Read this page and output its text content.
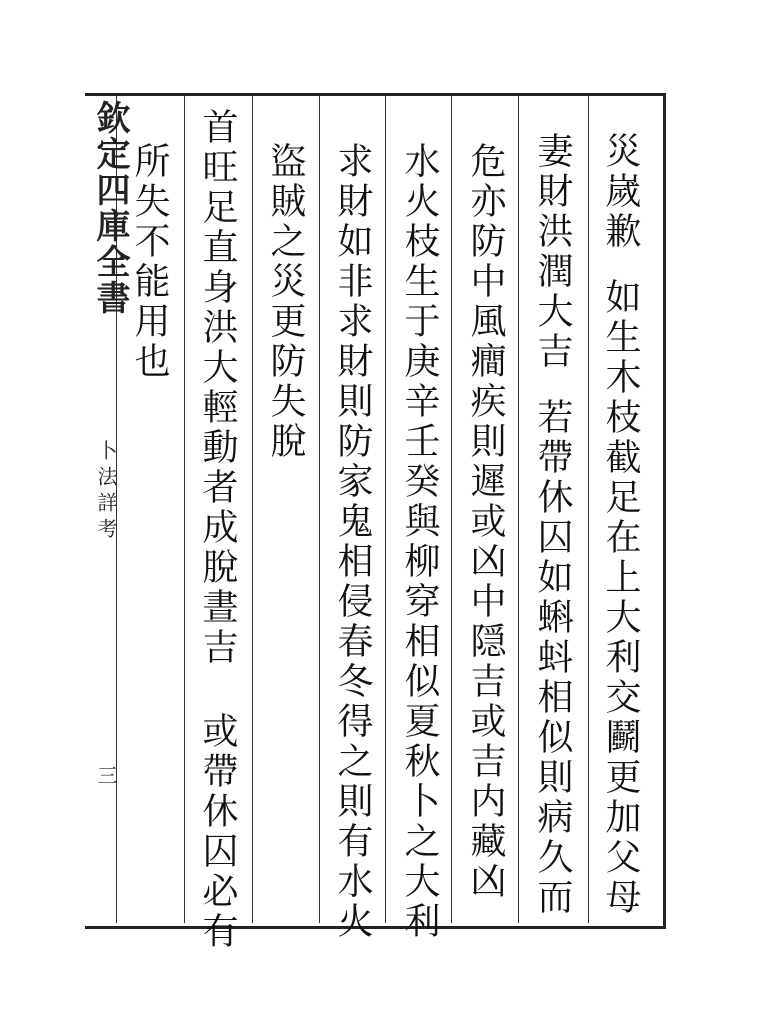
欽定四庫全書
卜法詳考
三
災嵗歉如生木枝截足在上大利交鬬更加父母
妻財洪潤大吉若帶休囚如蝌蚪相似則病久而
危亦防中風癎疾則遲或凶中隠吉或吉内藏凶
水火枝生于庚辛壬癸與柳穿相似夏秋卜之大利
求財如非求財則防家鬼相侵春冬得之則有水火
盜賊之災更防失脫
首旺足直身洪大輕動者成脫晝吉或帶休囚必有
所失不能用也
